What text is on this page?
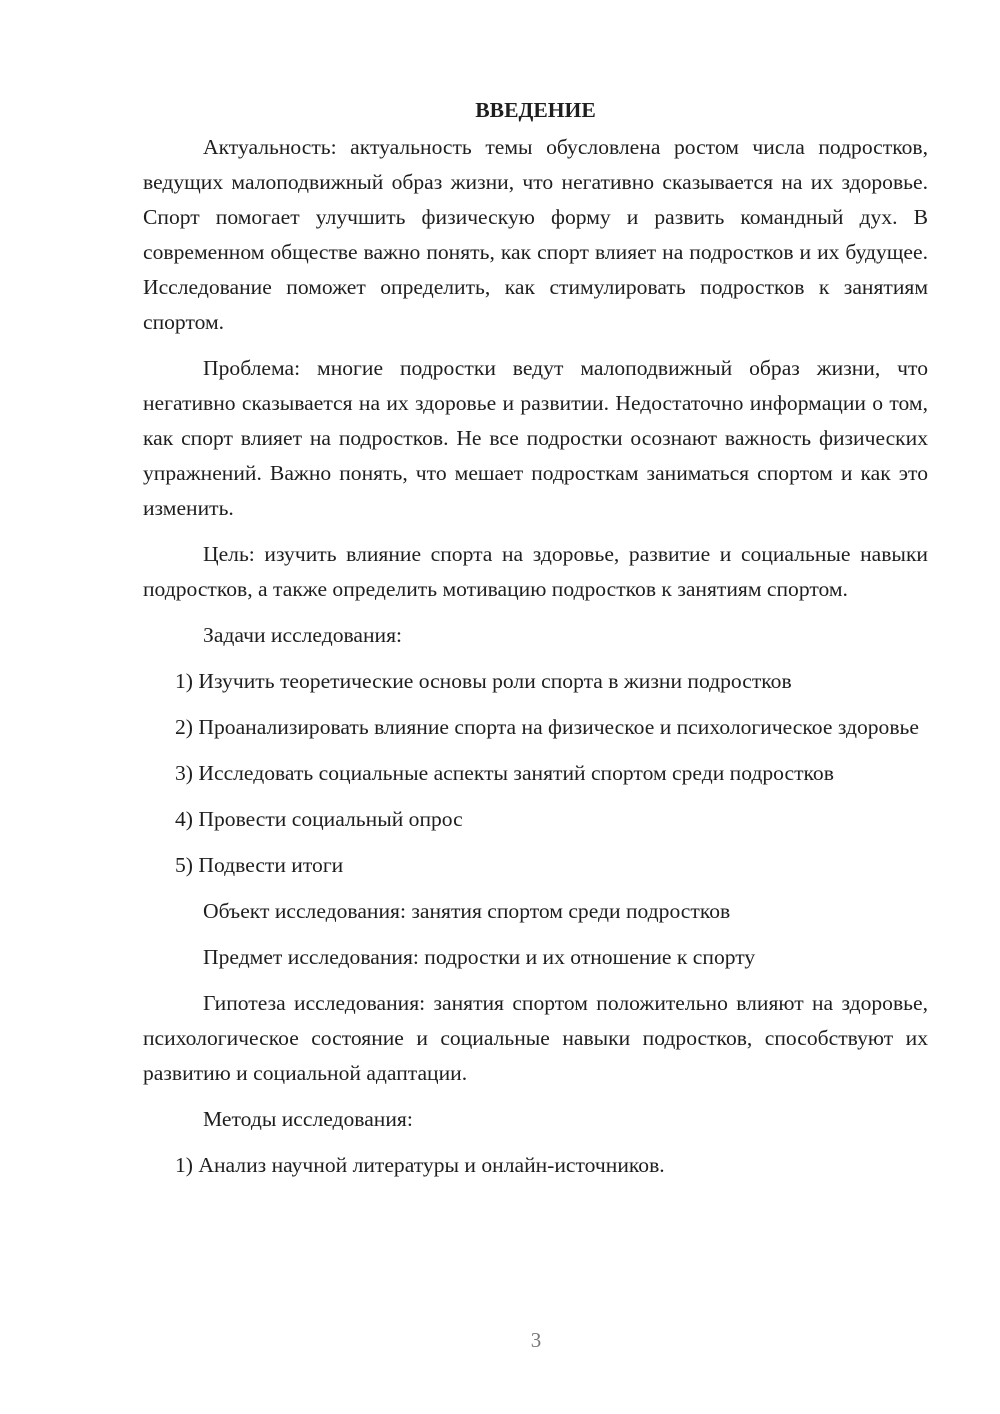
ВВЕДЕНИЕ

Актуальность: актуальность темы обусловлена ростом числа подростков, ведущих малоподвижный образ жизни, что негативно сказывается на их здоровье. Спорт помогает улучшить физическую форму и развить командный дух. В современном обществе важно понять, как спорт влияет на подростков и их будущее. Исследование поможет определить, как стимулировать подростков к занятиям спортом.

Проблема: многие подростки ведут малоподвижный образ жизни, что негативно сказывается на их здоровье и развитии. Недостаточно информации о том, как спорт влияет на подростков. Не все подростки осознают важность физических упражнений. Важно понять, что мешает подросткам заниматься спортом и как это изменить.

Цель: изучить влияние спорта на здоровье, развитие и социальные навыки подростков, а также определить мотивацию подростков к занятиям спортом.

Задачи исследования:

1) Изучить теоретические основы роли спорта в жизни подростков

2) Проанализировать влияние спорта на физическое и психологическое здоровье

3) Исследовать социальные аспекты занятий спортом среди подростков

4) Провести социальный опрос

5) Подвести итоги

Объект исследования: занятия спортом среди подростков

Предмет исследования: подростки и их отношение к спорту

Гипотеза исследования: занятия спортом положительно влияют на здоровье, психологическое состояние и социальные навыки подростков, способствуют их развитию и социальной адаптации.

Методы исследования:

1) Анализ научной литературы и онлайн-источников.

3
